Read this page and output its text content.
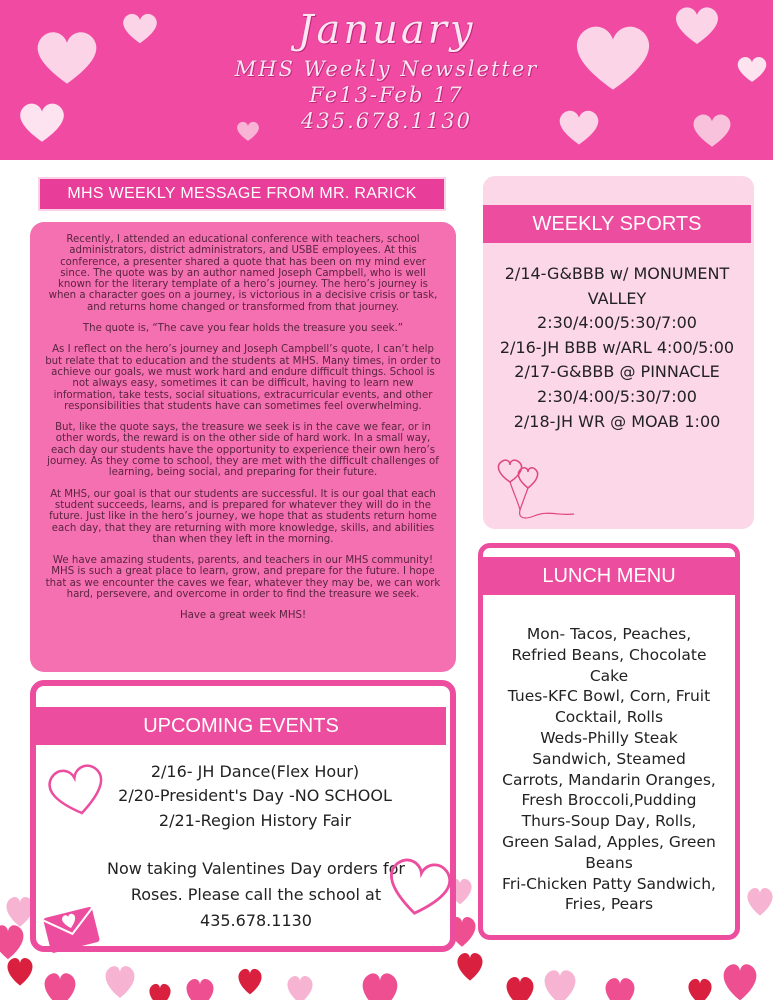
January
MHS Weekly Newsletter
Fe13-Feb 17
435.678.1130
MHS WEEKLY MESSAGE FROM MR. RARICK

Recently, I attended an educational conference with teachers, school administrators, district administrators, and USBE employees. At this conference, a presenter shared a quote that has been on my mind ever since. The quote was by an author named Joseph Campbell, who is well known for the literary template of a hero’s journey. The hero’s journey is when a character goes on a journey, is victorious in a decisive crisis or task, and returns home changed or transformed from that journey.

The quote is, “The cave you fear holds the treasure you seek.”

As I reflect on the hero’s journey and Joseph Campbell’s quote, I can’t help but relate that to education and the students at MHS. Many times, in order to achieve our goals, we must work hard and endure difficult things. School is not always easy, sometimes it can be difficult, having to learn new information, take tests, social situations, extracurricular events, and other responsibilities that students have can sometimes feel overwhelming.

But, like the quote says, the treasure we seek is in the cave we fear, or in other words, the reward is on the other side of hard work. In a small way, each day our students have the opportunity to experience their own hero’s journey. As they come to school, they are met with the difficult challenges of learning, being social, and preparing for their future.

At MHS, our goal is that our students are successful. It is our goal that each student succeeds, learns, and is prepared for whatever they will do in the future. Just like in the hero’s journey, we hope that as students return home each day, that they are returning with more knowledge, skills, and abilities than when they left in the morning.

We have amazing students, parents, and teachers in our MHS community! MHS is such a great place to learn, grow, and prepare for the future. I hope that as we encounter the caves we fear, whatever they may be, we can work hard, persevere, and overcome in order to find the treasure we seek.

Have a great week MHS!

WEEKLY SPORTS
2/14-G&BBB w/ MONUMENT
VALLEY
2:30/4:00/5:30/7:00
2/16-JH BBB w/ARL 4:00/5:00
2/17-G&BBB @ PINNACLE
2:30/4:00/5:30/7:00
2/18-JH WR @ MOAB 1:00
LUNCH MENU
Mon- Tacos, Peaches,
Refried Beans, Chocolate
Cake
Tues-KFC Bowl, Corn, Fruit
Cocktail, Rolls
Weds-Philly Steak
Sandwich, Steamed
Carrots, Mandarin Oranges,
Fresh Broccoli,Pudding
Thurs-Soup Day, Rolls,
Green Salad, Apples, Green
Beans
Fri-Chicken Patty Sandwich,
Fries, Pears
UPCOMING EVENTS
2/16- JH Dance(Flex Hour)
2/20-President's Day -NO SCHOOL
2/21-Region History Fair
Now taking Valentines Day orders for
Roses. Please call the school at
435.678.1130
